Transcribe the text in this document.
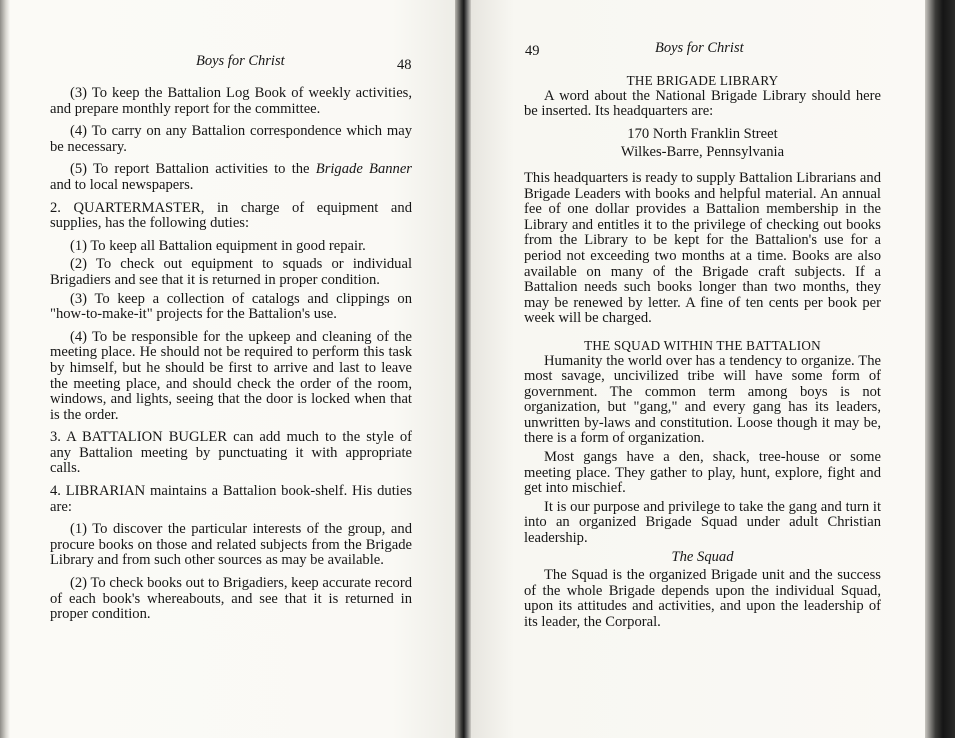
Boys for Christ	48

(3) To keep the Battalion Log Book of weekly activities, and prepare monthly report for the committee.

(4) To carry on any Battalion correspondence which may be necessary.

(5) To report Battalion activities to the Brigade Banner and to local newspapers.

2. QUARTERMASTER, in charge of equipment and supplies, has the following duties:

(1) To keep all Battalion equipment in good repair.

(2) To check out equipment to squads or individual Brigadiers and see that it is returned in proper condition.

(3) To keep a collection of catalogs and clippings on "how-to-make-it" projects for the Battalion's use.

(4) To be responsible for the upkeep and cleaning of the meeting place. He should not be required to perform this task by himself, but he should be first to arrive and last to leave the meeting place, and should check the order of the room, windows, and lights, seeing that the door is locked when that is the order.

3. A BATTALION BUGLER can add much to the style of any Battalion meeting by punctuating it with appropriate calls.

4. LIBRARIAN maintains a Battalion book-shelf. His duties are:

(1) To discover the particular interests of the group, and procure books on those and related subjects from the Brigade Library and from such other sources as may be available.

(2) To check books out to Brigadiers, keep accurate record of each book's whereabouts, and see that it is returned in proper condition.

49	Boys for Christ

THE BRIGADE LIBRARY

A word about the National Brigade Library should here be inserted. Its headquarters are:

170 North Franklin Street

Wilkes-Barre, Pennsylvania

This headquarters is ready to supply Battalion Librarians and Brigade Leaders with books and helpful material. An annual fee of one dollar provides a Battalion membership in the Library and entitles it to the privilege of checking out books from the Library to be kept for the Battalion's use for a period not exceeding two months at a time. Books are also available on many of the Brigade craft subjects. If a Battalion needs such books longer than two months, they may be renewed by letter. A fine of ten cents per book per week will be charged.

THE SQUAD WITHIN THE BATTALION

Humanity the world over has a tendency to organize. The most savage, uncivilized tribe will have some form of government. The common term among boys is not organization, but "gang," and every gang has its leaders, unwritten by-laws and constitution. Loose though it may be, there is a form of organization.

Most gangs have a den, shack, tree-house or some meeting place. They gather to play, hunt, explore, fight and get into mischief.

It is our purpose and privilege to take the gang and turn it into an organized Brigade Squad under adult Christian leadership.

The Squad

The Squad is the organized Brigade unit and the success of the whole Brigade depends upon the individual Squad, upon its attitudes and activities, and upon the leadership of its leader, the Corporal.
